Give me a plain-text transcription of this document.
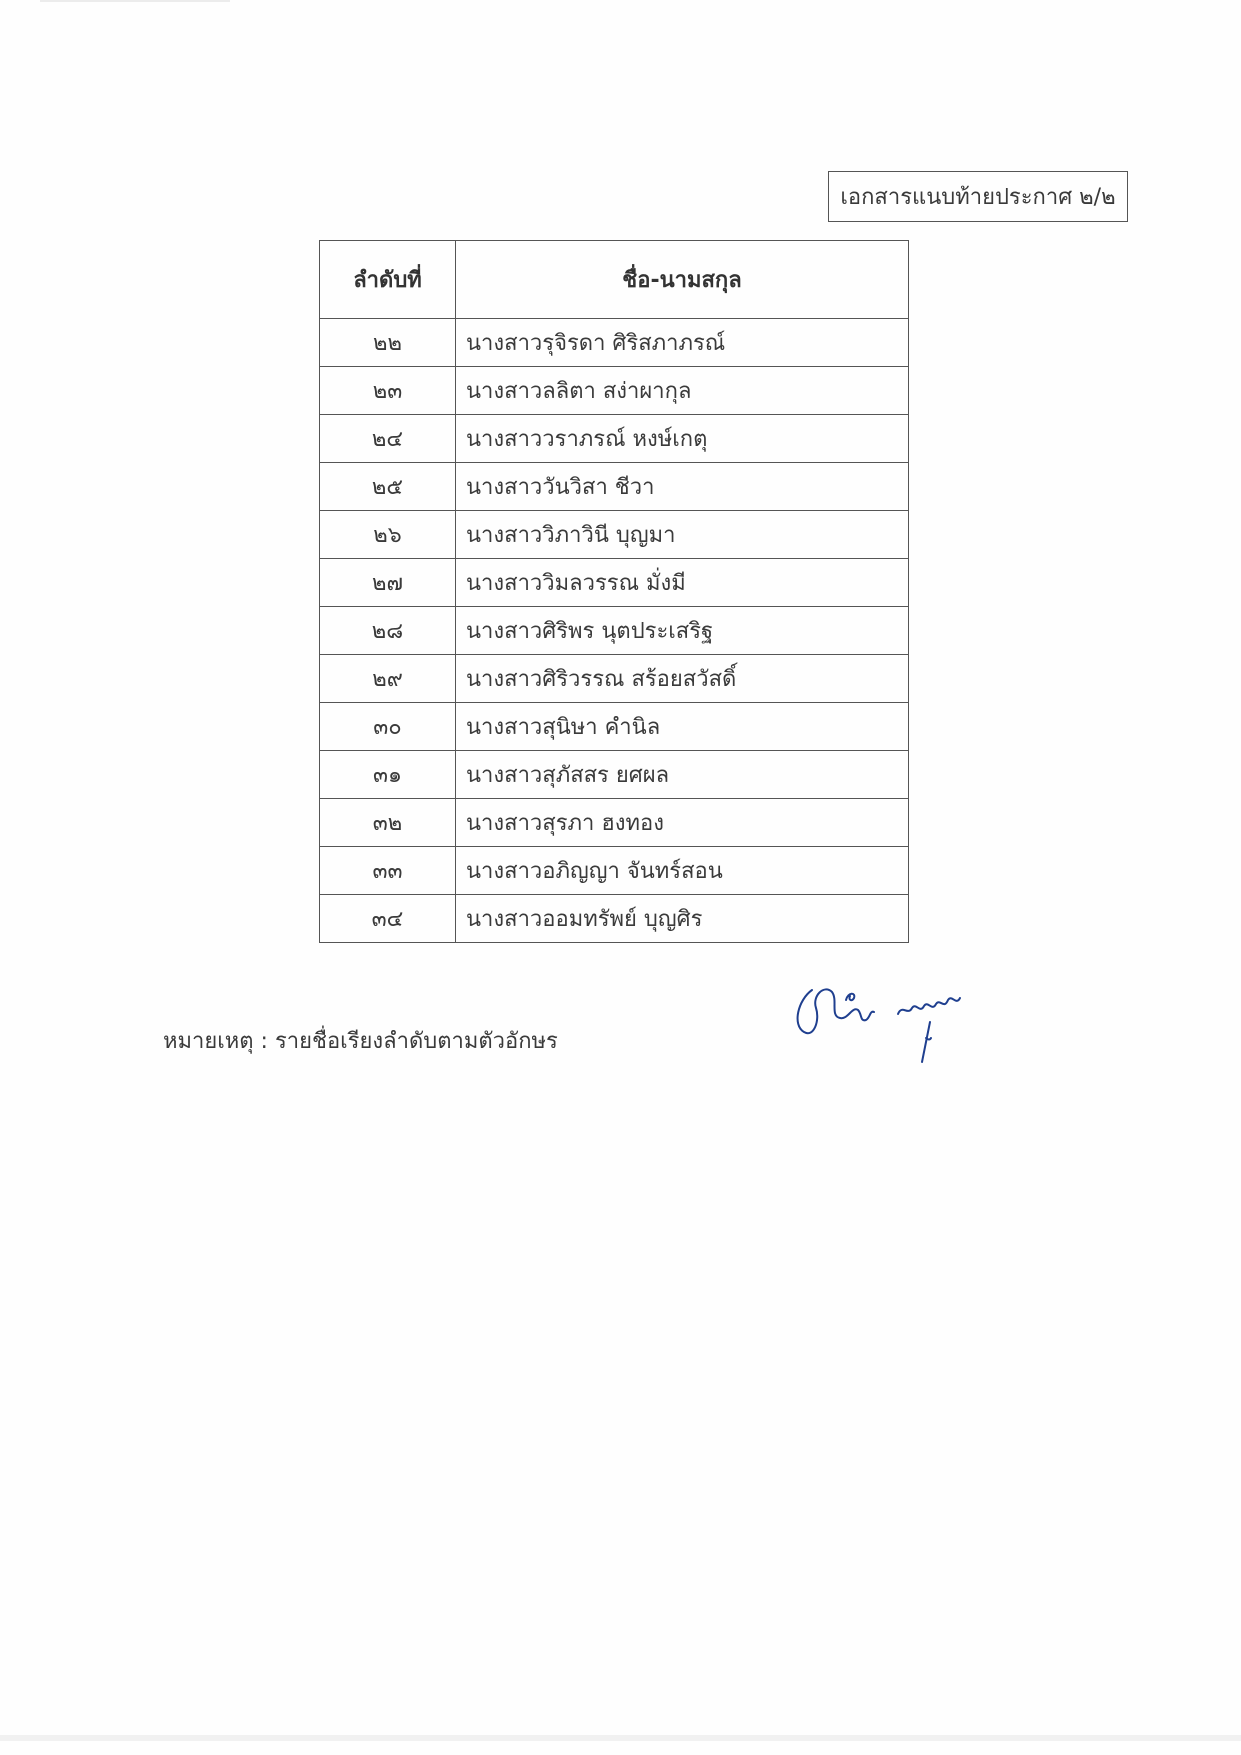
เอกสารแนบท้ายประกาศ ๒/๒
ลำดับที่	ชื่อ-นามสกุล
๒๒	นางสาวรุจิรดา ศิริสภาภรณ์
๒๓	นางสาวลลิตา สง่าผากุล
๒๔	นางสาววราภรณ์ หงษ์เกตุ
๒๕	นางสาววันวิสา ชีวา
๒๖	นางสาววิภาวินี บุญมา
๒๗	นางสาววิมลวรรณ มั่งมี
๒๘	นางสาวศิริพร นุตประเสริฐ
๒๙	นางสาวศิริวรรณ สร้อยสวัสดิ์
๓๐	นางสาวสุนิษา คำนิล
๓๑	นางสาวสุภัสสร ยศผล
๓๒	นางสาวสุรภา ฮงทอง
๓๓	นางสาวอภิญญา จันทร์สอน
๓๔	นางสาวออมทรัพย์ บุญศิร
หมายเหตุ : รายชื่อเรียงลำดับตามตัวอักษร
